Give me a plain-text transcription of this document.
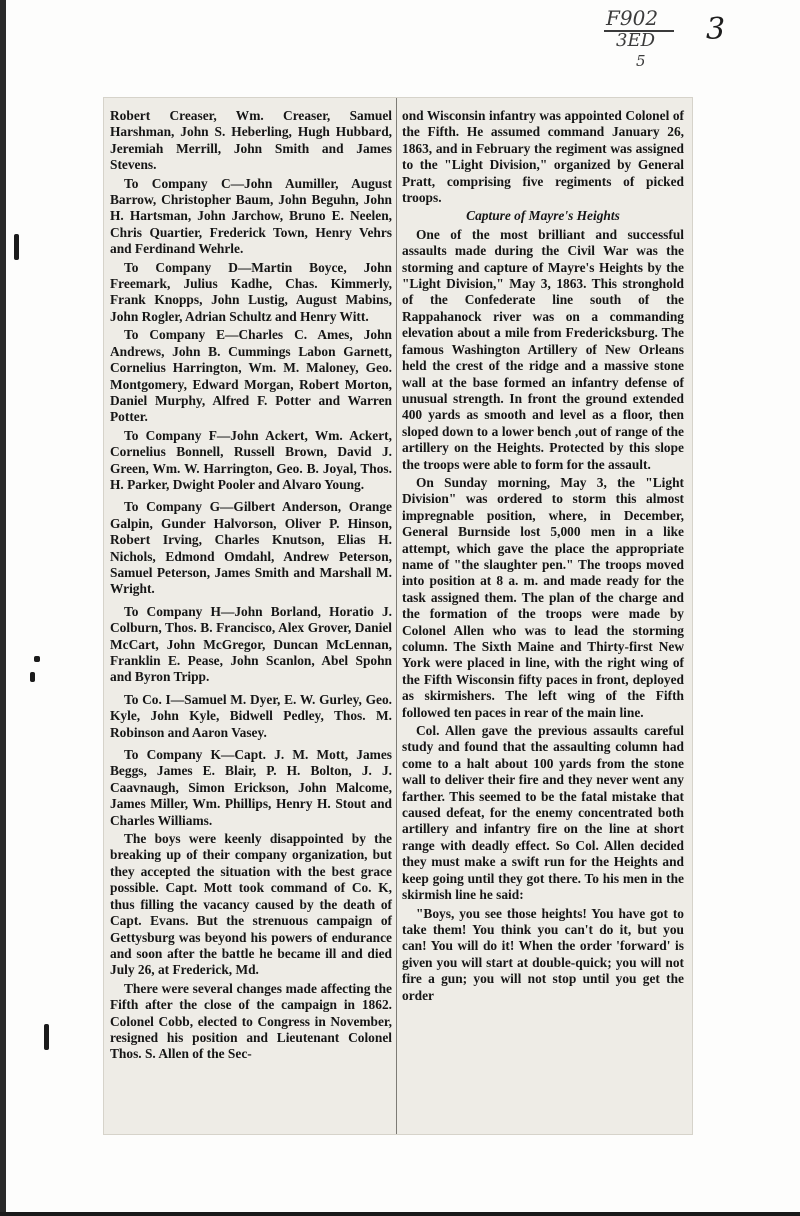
F902
3ED
5
3

Robert Creaser, Wm. Creaser, Samuel Harshman, John S. Heberling, Hugh Hubbard, Jeremiah Merrill, John Smith and James Stevens.

To Company C—John Aumiller, August Barrow, Christopher Baum, John Beguhn, John H. Hartsman, John Jarchow, Bruno E. Neelen, Chris Quartier, Frederick Town, Henry Vehrs and Ferdinand Wehrle.

To Company D—Martin Boyce, John Freemark, Julius Kadhe, Chas. Kimmerly, Frank Knopps, John Lustig, August Mabins, John Rogler, Adrian Schultz and Henry Witt.

To Company E—Charles C. Ames, John Andrews, John B. Cummings Labon Garnett, Cornelius Harrington, Wm. M. Maloney, Geo. Montgomery, Edward Morgan, Robert Morton, Daniel Murphy, Alfred F. Potter and Warren Potter.

To Company F—John Ackert, Wm. Ackert, Cornelius Bonnell, Russell Brown, David J. Green, Wm. W. Harrington, Geo. B. Joyal, Thos. H. Parker, Dwight Pooler and Alvaro Young.

To Company G—Gilbert Anderson, Orange Galpin, Gunder Halvorson, Oliver P. Hinson, Robert Irving, Charles Knutson, Elias H. Nichols, Edmond Omdahl, Andrew Peterson, Samuel Peterson, James Smith and Marshall M. Wright.

To Company H—John Borland, Horatio J. Colburn, Thos. B. Francisco, Alex Grover, Daniel McCart, John McGregor, Duncan McLennan, Franklin E. Pease, John Scanlon, Abel Spohn and Byron Tripp.

To Co. I—Samuel M. Dyer, E. W. Gurley, Geo. Kyle, John Kyle, Bidwell Pedley, Thos. M. Robinson and Aaron Vasey.

To Company K—Capt. J. M. Mott, James Beggs, James E. Blair, P. H. Bolton, J. J. Caavnaugh, Simon Erickson, John Malcome, James Miller, Wm. Phillips, Henry H. Stout and Charles Williams.

The boys were keenly disappointed by the breaking up of their company organization, but they accepted the situation with the best grace possible. Capt. Mott took command of Co. K, thus filling the vacancy caused by the death of Capt. Evans. But the strenuous campaign of Gettysburg was beyond his powers of endurance and soon after the battle he became ill and died July 26, at Frederick, Md.

There were several changes made affecting the Fifth after the close of the campaign in 1862. Colonel Cobb, elected to Congress in November, resigned his position and Lieutenant Colonel Thos. S. Allen of the Sec-

ond Wisconsin infantry was appointed Colonel of the Fifth. He assumed command January 26, 1863, and in February the regiment was assigned to the "Light Division," organized by General Pratt, comprising five regiments of picked troops.

Capture of Mayre's Heights

One of the most brilliant and successful assaults made during the Civil War was the storming and capture of Mayre's Heights by the "Light Division," May 3, 1863. This stronghold of the Confederate line south of the Rappahanock river was on a commanding elevation about a mile from Fredericksburg. The famous Washington Artillery of New Orleans held the crest of the ridge and a massive stone wall at the base formed an infantry defense of unusual strength. In front the ground extended 400 yards as smooth and level as a floor, then sloped down to a lower bench ,out of range of the artillery on the Heights. Protected by this slope the troops were able to form for the assault.

On Sunday morning, May 3, the "Light Division" was ordered to storm this almost impregnable position, where, in December, General Burnside lost 5,000 men in a like attempt, which gave the place the appropriate name of "the slaughter pen." The troops moved into position at 8 a. m. and made ready for the task assigned them. The plan of the charge and the formation of the troops were made by Colonel Allen who was to lead the storming column. The Sixth Maine and Thirty-first New York were placed in line, with the right wing of the Fifth Wisconsin fifty paces in front, deployed as skirmishers. The left wing of the Fifth followed ten paces in rear of the main line.

Col. Allen gave the previous assaults careful study and found that the assaulting column had come to a halt about 100 yards from the stone wall to deliver their fire and they never went any farther. This seemed to be the fatal mistake that caused defeat, for the enemy concentrated both artillery and infantry fire on the line at short range with deadly effect. So Col. Allen decided they must make a swift run for the Heights and keep going until they got there. To his men in the skirmish line he said:

"Boys, you see those heights! You have got to take them! You think you can't do it, but you can! You will do it! When the order 'forward' is given you will start at double-quick; you will not fire a gun; you will not stop until you get the order
